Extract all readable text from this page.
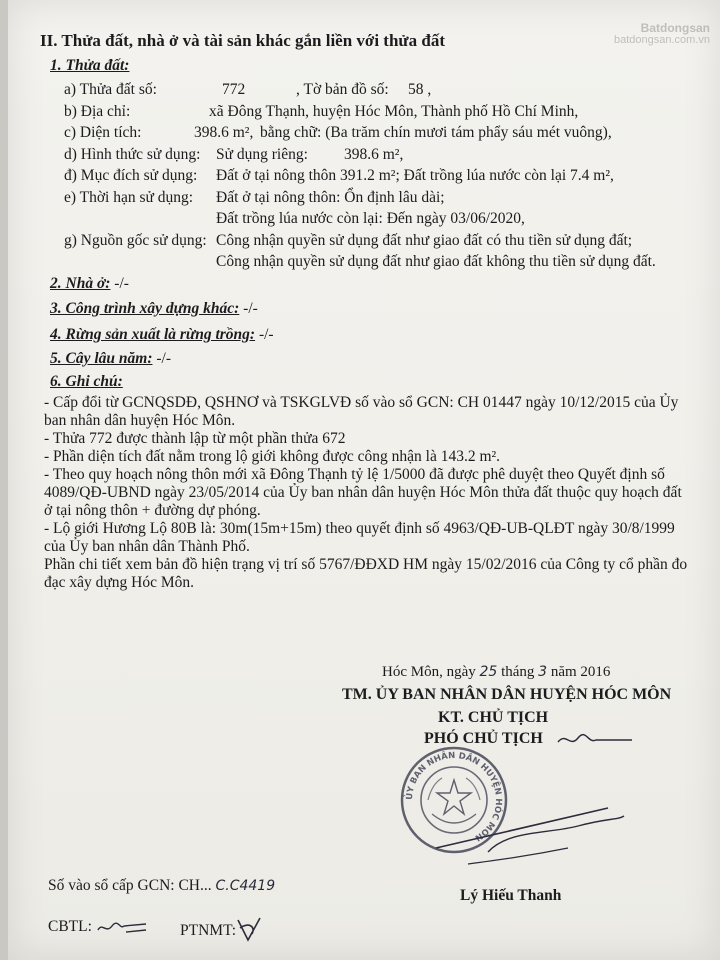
Batdongsan
batdongsan.com.vn
II. Thửa đất, nhà ở và tài sản khác gắn liền với thửa đất
1. Thửa đất:
a) Thửa đất số:	772	, Tờ bản đồ số: 58 ,
b) Địa chỉ:	xã Đông Thạnh, huyện Hóc Môn, Thành phố Hồ Chí Minh,
c) Diện tích:	398.6 m², bằng chữ: (Ba trăm chín mươi tám phẩy sáu mét vuông),
d) Hình thức sử dụng: Sử dụng riêng: 398.6 m²,
đ) Mục đích sử dụng: Đất ở tại nông thôn 391.2 m²; Đất trồng lúa nước còn lại 7.4 m²,
e) Thời hạn sử dụng: Đất ở tại nông thôn: Ổn định lâu dài;
Đất trồng lúa nước còn lại: Đến ngày 03/06/2020,
g) Nguồn gốc sử dụng: Công nhận quyền sử dụng đất như giao đất có thu tiền sử dụng đất;
Công nhận quyền sử dụng đất như giao đất không thu tiền sử dụng đất.
2. Nhà ở: -/-
3. Công trình xây dựng khác: -/-
4. Rừng sản xuất là rừng trồng: -/-
5. Cây lâu năm: -/-
6. Ghi chú:
- Cấp đổi từ GCNQSDĐ, QSHNƠ và TSKGLVĐ số vào sổ GCN: CH 01447 ngày 10/12/2015 của Ủy
ban nhân dân huyện Hóc Môn.
- Thửa 772 được thành lập từ một phần thửa 672
- Phần diện tích đất nằm trong lộ giới không được công nhận là 143.2 m².
- Theo quy hoạch nông thôn mới xã Đông Thạnh tỷ lệ 1/5000 đã được phê duyệt theo Quyết định số
4089/QĐ-UBND ngày 23/05/2014 của Ủy ban nhân dân huyện Hóc Môn thửa đất thuộc quy hoạch đất
ở tại nông thôn + đường dự phóng.
- Lộ giới Hương Lộ 80B là: 30m(15m+15m) theo quyết định số 4963/QĐ-UB-QLĐT ngày 30/8/1999
của Ủy ban nhân dân Thành Phố.
Phần chi tiết xem bản đồ hiện trạng vị trí số 5767/ĐĐXD HM ngày 15/02/2016 của Công ty cổ phần đo
đạc xây dựng Hóc Môn.
Hóc Môn, ngày 25 tháng 3 năm 2016
TM. ỦY BAN NHÂN DÂN HUYỆN HÓC MÔN
KT. CHỦ TỊCH
PHÓ CHỦ TỊCH
ỦY BAN NHÂN DÂN HUYỆN HÓC MÔN
Lý Hiếu Thanh
Số vào sổ cấp GCN: CH... C.C4419
CBTL:	PTNMT:
